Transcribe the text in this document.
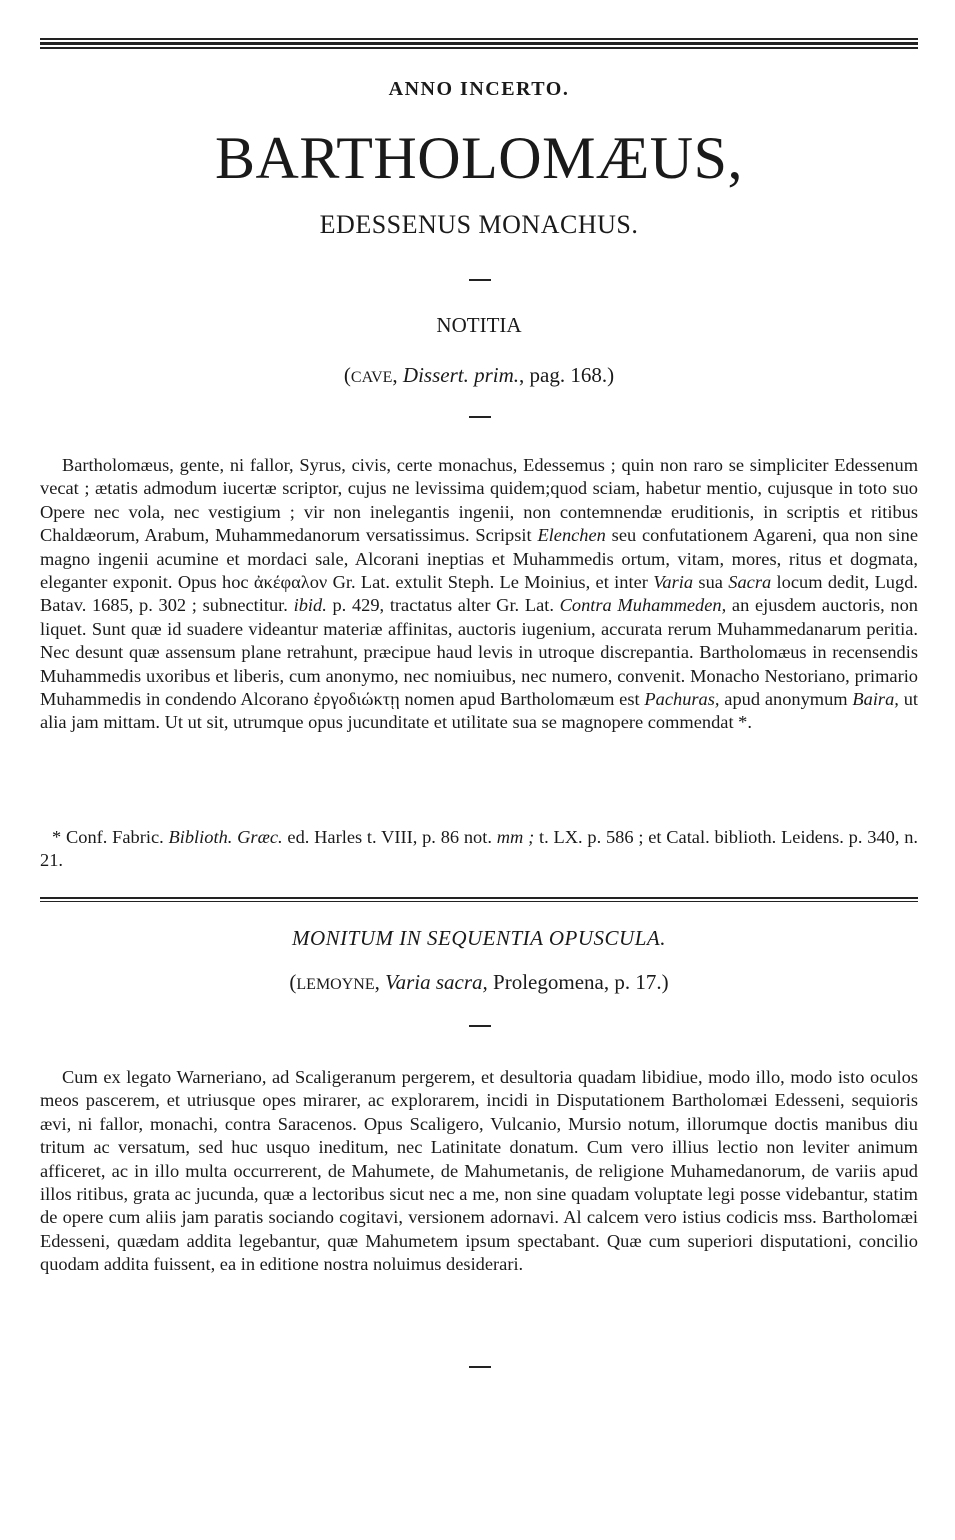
ANNO INCERTO.
BARTHOLOMÆUS,
EDESSENUS MONACHUS.
NOTITIA
(CAVE, Dissert. prim., pag. 168.)
Bartholomæus, gente, ni fallor, Syrus, civis, certe monachus, Edessemus ; quin non raro se simpliciter Edessenum vecat ; ætatis admodum iucertæ scriptor, cujus ne levissima quidem;quod sciam, habetur mentio, cujusque in toto suo Opere nec vola, nec vestigium ; vir non inelegantis ingenii, non contemnendæ eruditionis, in scriptis et ritibus Chaldæorum, Arabum, Muhammedanorum versatissimus. Scripsit Elenchen seu confutationem Agareni, qua non sine magno ingenii acumine et mordaci sale, Alcorani ineptias et Muhammedis ortum, vitam, mores, ritus et dogmata, eleganter exponit. Opus hoc ἀκέφαλον Gr. Lat. extulit Steph. Le Moinius, et inter Varia sua Sacra locum dedit, Lugd. Batav. 1685, p. 302 ; subnectitur. ibid. p. 429, tractatus alter Gr. Lat. Contra Muhammeden, an ejusdem auctoris, non liquet. Sunt quæ id suadere videantur materiæ affinitas, auctoris iugenium, accurata rerum Muhammedanarum peritia. Nec desunt quæ assensum plane retrahunt, præcipue haud levis in utroque discrepantia. Bartholomæus in recensendis Muhammedis uxoribus et liberis, cum anonymo, nec nomiuibus, nec numero, convenit. Monacho Nestoriano, primario Muhammedis in condendo Alcorano ἐργοδιώκτῃ nomen apud Bartholomæum est Pachuras, apud anonymum Baira, ut alia jam mittam. Ut ut sit, utrumque opus jucunditate et utilitate sua se magnopere commendat *.
* Conf. Fabric. Biblioth. Græc. ed. Harles t. VIII, p. 86 not. mm ; t. LX. p. 586 ; et Catal. biblioth. Leidens. p. 340, n. 21.
MONITUM IN SEQUENTIA OPUSCULA.
(LEMOYNE, Varia sacra, Prolegomena, p. 17.)
Cum ex legato Warneriano, ad Scaligeranum pergerem, et desultoria quadam libidiue, modo illo, modo isto oculos meos pascerem, et utriusque opes mirarer, ac explorarem, incidi in Disputationem Bartholomæi Edesseni, sequioris ævi, ni fallor, monachi, contra Saracenos. Opus Scaligero, Vulcanio, Mursio notum, illorumque doctis manibus diu tritum ac versatum, sed huc usquo ineditum, nec Latinitate donatum. Cum vero illius lectio non leviter animum afficeret, ac in illo multa occurrerent, de Mahumete, de Mahumetanis, de religione Muhamedanorum, de variis apud illos ritibus, grata ac jucunda, quæ a lectoribus sicut nec a me, non sine quadam voluptate legi posse videbantur, statim de opere cum aliis jam paratis sociando cogitavi, versionem adornavi. Al calcem vero istius codicis mss. Bartholomæi Edesseni, quædam addita legebantur, quæ Mahumetem ipsum spectabant. Quæ cum superiori disputationi, concilio quodam addita fuissent, ea in editione nostra noluimus desiderari.
